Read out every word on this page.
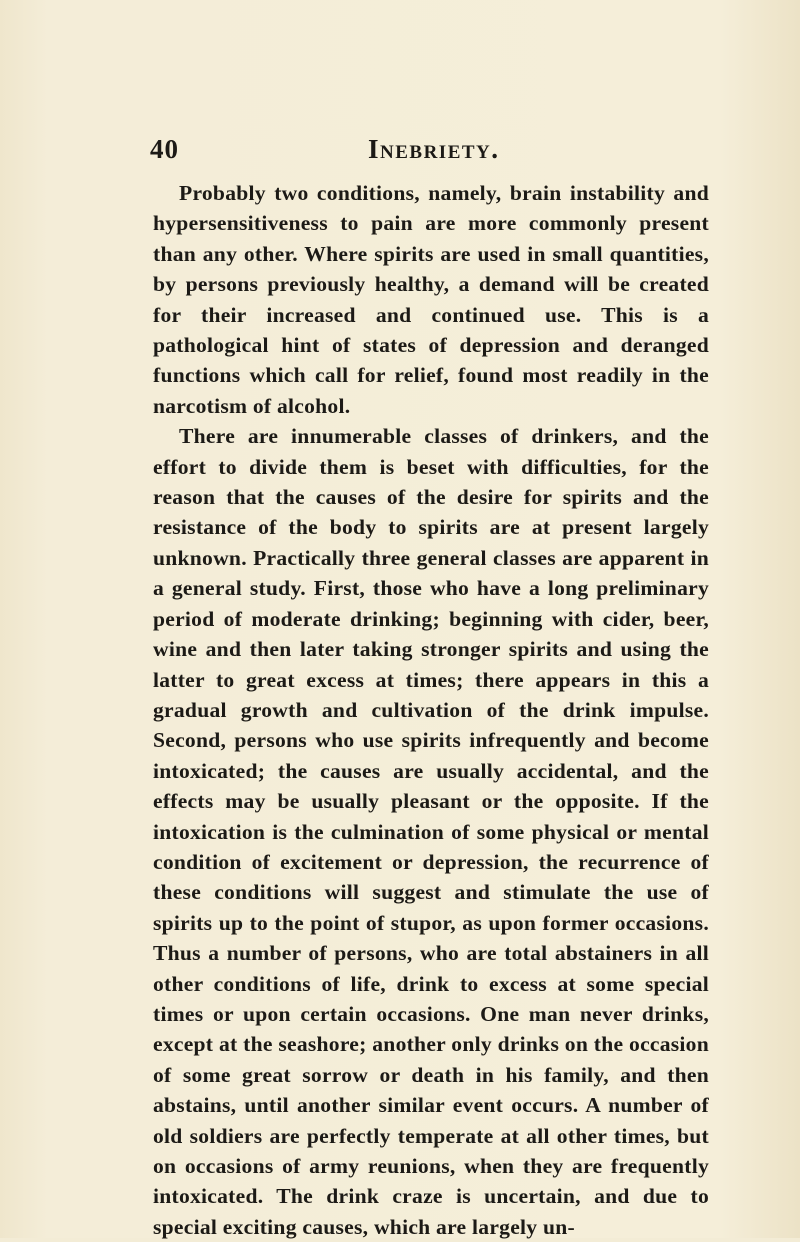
40	Inebriety.

Probably two conditions, namely, brain instability and hypersensitiveness to pain are more commonly present than any other. Where spirits are used in small quantities, by persons previously healthy, a demand will be created for their increased and continued use. This is a pathological hint of states of depression and deranged functions which call for relief, found most readily in the narcotism of alcohol.

There are innumerable classes of drinkers, and the effort to divide them is beset with difficulties, for the reason that the causes of the desire for spirits and the resistance of the body to spirits are at present largely unknown. Practically three general classes are apparent in a general study. First, those who have a long preliminary period of moderate drinking; beginning with cider, beer, wine and then later taking stronger spirits and using the latter to great excess at times; there appears in this a gradual growth and cultivation of the drink impulse. Second, persons who use spirits infrequently and become intoxicated; the causes are usually accidental, and the effects may be usually pleasant or the opposite. If the intoxication is the culmination of some physical or mental condition of excitement or depression, the recurrence of these conditions will suggest and stimulate the use of spirits up to the point of stupor, as upon former occasions. Thus a number of persons, who are total abstainers in all other conditions of life, drink to excess at some special times or upon certain occasions. One man never drinks, except at the seashore; another only drinks on the occasion of some great sorrow or death in his family, and then abstains, until another similar event occurs. A number of old soldiers are perfectly temperate at all other times, but on occasions of army reunions, when they are frequently intoxicated. The drink craze is uncertain, and due to special exciting causes, which are largely un-
